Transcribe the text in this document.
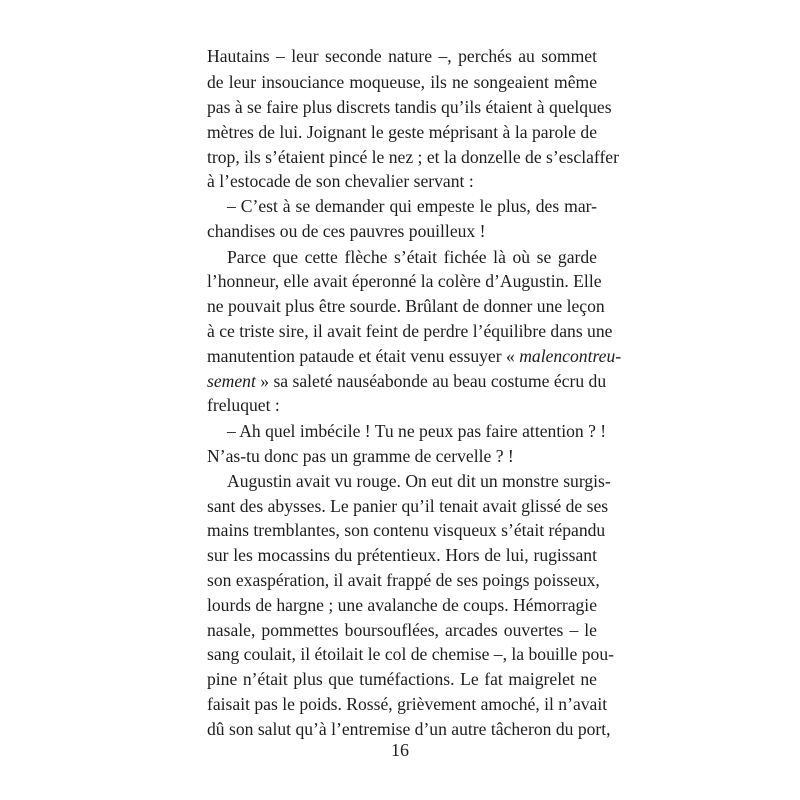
Hautains – leur seconde nature –, perchés au sommet
de leur insouciance moqueuse, ils ne songeaient même
pas à se faire plus discrets tandis qu’ils étaient à quelques
mètres de lui. Joignant le geste méprisant à la parole de
trop, ils s’étaient pincé le nez ; et la donzelle de s’esclaffer
à l’estocade de son chevalier servant :
– C’est à se demander qui empeste le plus, des mar-
chandises ou de ces pauvres pouilleux !
Parce que cette flèche s’était fichée là où se garde
l’honneur, elle avait éperonné la colère d’Augustin. Elle
ne pouvait plus être sourde. Brûlant de donner une leçon
à ce triste sire, il avait feint de perdre l’équilibre dans une
manutention pataude et était venu essuyer « malencontreu-
sement » sa saleté nauséabonde au beau costume écru du
freluquet :
– Ah quel imbécile ! Tu ne peux pas faire attention ? !
N’as-tu donc pas un gramme de cervelle ? !
Augustin avait vu rouge. On eut dit un monstre surgis-
sant des abysses. Le panier qu’il tenait avait glissé de ses
mains tremblantes, son contenu visqueux s’était répandu
sur les mocassins du prétentieux. Hors de lui, rugissant
son exaspération, il avait frappé de ses poings poisseux,
lourds de hargne ; une avalanche de coups. Hémorragie
nasale, pommettes boursouflées, arcades ouvertes – le
sang coulait, il étoilait le col de chemise –, la bouille pou-
pine n’était plus que tuméfactions. Le fat maigrelet ne
faisait pas le poids. Rossé, grièvement amoché, il n’avait
dû son salut qu’à l’entremise d’un autre tâcheron du port,
16
